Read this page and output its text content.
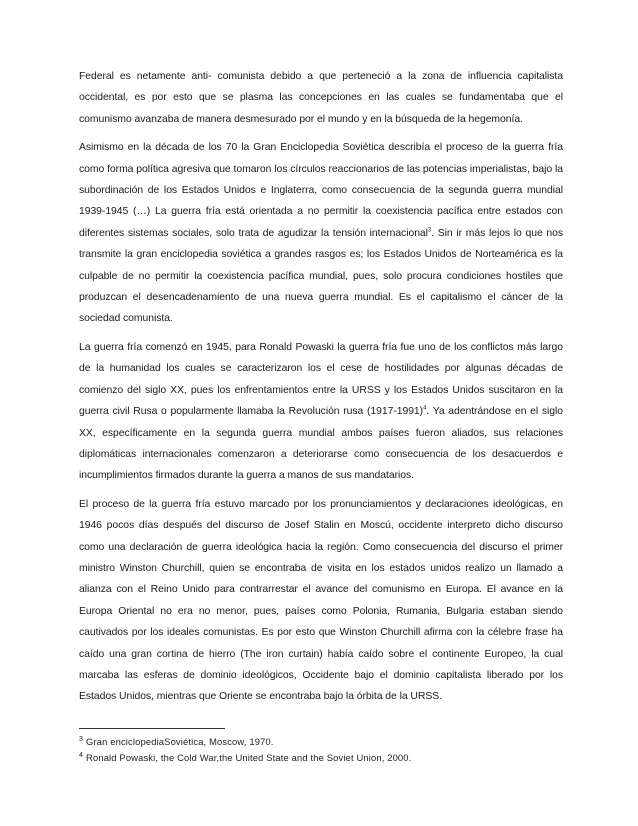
Federal es netamente anti- comunista debido a que perteneció a la zona de influencia capitalista occidental, es por esto que se plasma las concepciones en las cuales se fundamentaba que el comunismo avanzaba de manera desmesurado por el mundo y en la búsqueda de la hegemonía.

Asimismo en la década de los 70 la Gran Enciclopedia Soviética describía el proceso de la guerra fría como forma política agresiva que tomaron los círculos reaccionarios de las potencias imperialistas, bajo la subordinación de los Estados Unidos e Inglaterra, como consecuencia de la segunda guerra mundial 1939-1945 (…) La guerra fría está orientada a no permitir la coexistencia pacífica entre estados con diferentes sistemas sociales, solo trata de agudizar la tensión internacional$^3$. Sin ir más lejos lo que nos transmite la gran enciclopedia soviética a grandes rasgos es; los Estados Unidos de Norteamérica es la culpable de no permitir la coexistencia pacífica mundial, pues, solo procura condiciones hostiles que produzcan el desencadenamiento de una nueva guerra mundial. Es el capitalismo el cáncer de la sociedad comunista.

La guerra fría comenzó en 1945, para Ronald Powaski la guerra fría fue uno de los conflictos más largo de la humanidad los cuales se caracterizaron los el cese de hostilidades por algunas décadas de comienzo del siglo XX, pues los enfrentamientos entre la URSS y los Estados Unidos suscitaron en la guerra civil Rusa o popularmente llamaba la Revolución rusa (1917-1991)$^4$. Ya adentrándose en el siglo XX, específicamente en la segunda guerra mundial ambos países fueron aliados, sus relaciones diplomáticas internacionales comenzaron a deteriorarse como consecuencia de los desacuerdos e incumplimientos firmados durante la guerra a manos de sus mandatarios.

El proceso de la guerra fría estuvo marcado por los pronunciamientos y declaraciones ideológicas, en 1946 pocos días después del discurso de Josef Stalin en Moscú, occidente interpreto dicho discurso como una declaración de guerra ideológica hacia la región. Como consecuencia del discurso el primer ministro Winston Churchill, quien se encontraba de visita en los estados unidos realizo un llamado a alianza con el Reino Unido para contrarrestar el avance del comunismo en Europa. El avance en la Europa Oriental no era no menor, pues, países como Polonia, Rumania, Bulgaria estaban siendo cautivados por los ideales comunistas. Es por esto que Winston Churchill afirma con la célebre frase ha caído una gran cortina de hierro (The iron curtain) había caído sobre el continente Europeo, la cual marcaba las esferas de dominio ideológicos, Occidente bajo el dominio capitalista liberado por los Estados Unidos, mientras que Oriente se encontraba bajo la órbita de la URSS.

$^3$ Gran enciclopediaSoviética, Moscow, 1970.
$^4$ Ronald Powaski, the Cold War,the United State and the Soviet Union, 2000.
